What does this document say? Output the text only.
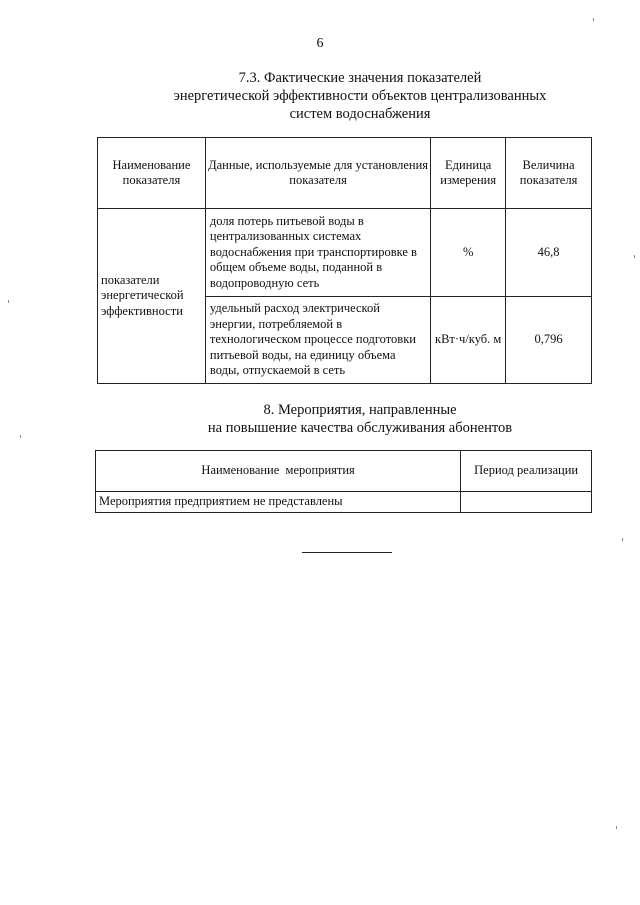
6
7.3. Фактические значения показателей
энергетической эффективности объектов централизованных
систем водоснабжения
Наименование показателя	Данные, используемые для установления показателя	Единица измерения	Величина показателя
показатели энергетической эффективности	доля потерь питьевой воды в централизованных системах водоснабжения при транспортировке в общем объеме воды, поданной в водопроводную сеть	%	46,8
	удельный расход электрической энергии, потребляемой в технологическом процессе подготовки питьевой воды, на единицу объема воды, отпускаемой в сеть	кВт·ч/куб. м	0,796
8. Мероприятия, направленные
на повышение качества обслуживания абонентов
Наименование  мероприятия	Период реализации
Мероприятия предприятием не представлены	
